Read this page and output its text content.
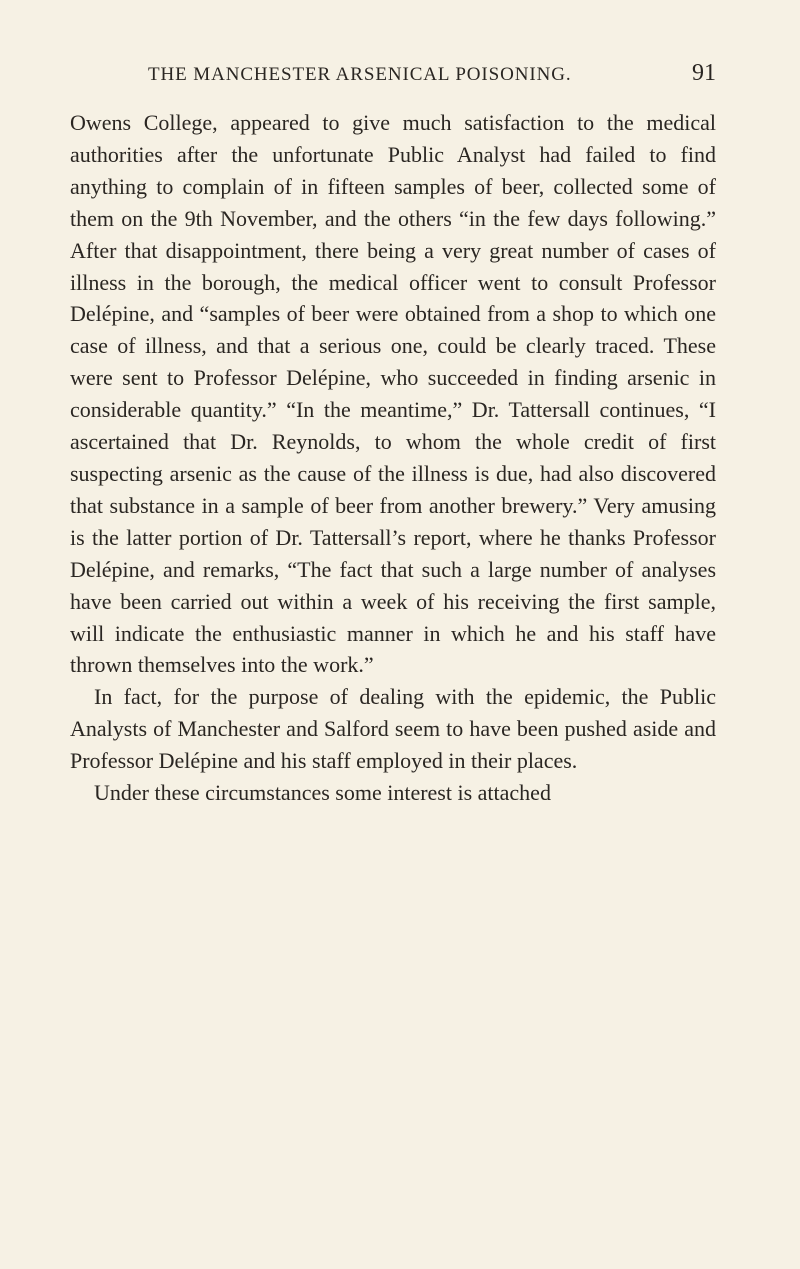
THE MANCHESTER ARSENICAL POISONING.	91

Owens College, appeared to give much satisfaction to the medical authorities after the unfortunate Public Analyst had failed to find anything to complain of in fifteen samples of beer, collected some of them on the 9th November, and the others “in the few days following.” After that disappointment, there being a very great number of cases of illness in the borough, the medical officer went to consult Professor Delépine, and “samples of beer were obtained from a shop to which one case of illness, and that a serious one, could be clearly traced. These were sent to Professor Delépine, who succeeded in finding arsenic in considerable quantity.” “In the meantime,” Dr. Tattersall continues, “I ascertained that Dr. Reynolds, to whom the whole credit of first suspecting arsenic as the cause of the illness is due, had also discovered that substance in a sample of beer from another brewery.” Very amusing is the latter portion of Dr. Tattersall’s report, where he thanks Professor Delépine, and remarks, “The fact that such a large number of analyses have been carried out within a week of his receiving the first sample, will indicate the enthusiastic manner in which he and his staff have thrown themselves into the work.”

In fact, for the purpose of dealing with the epidemic, the Public Analysts of Manchester and Salford seem to have been pushed aside and Professor Delépine and his staff employed in their places.

Under these circumstances some interest is attached
